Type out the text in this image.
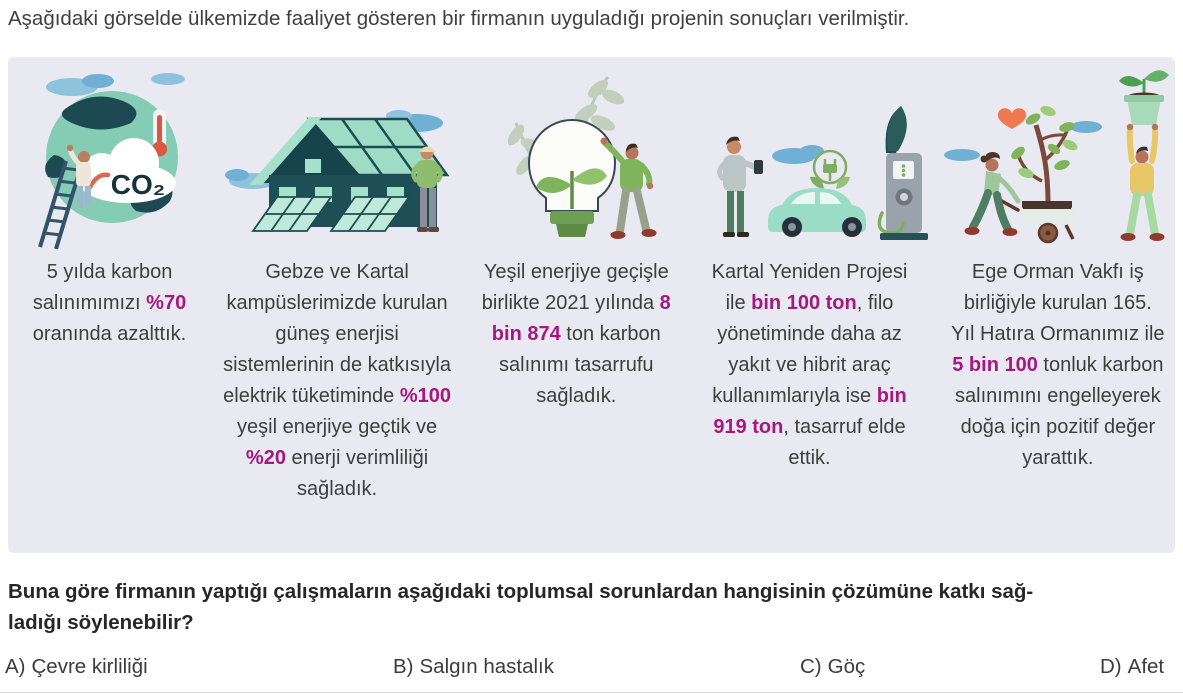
Aşağıdaki görselde ülkemizde faaliyet gösteren bir firmanın uyguladığı projenin sonuçları verilmiştir.
CO₂
5 yılda karbon salınımımızı %70 oranında azalttık.
Gebze ve Kartal kampüslerimizde kurulan güneş enerjisi sistemlerinin de katkısıyla elektrik tüketiminde %100 yeşil enerjiye geçtik ve %20 enerji verimliliği sağladık.
Yeşil enerjiye geçişle birlikte 2021 yılında 8 bin 874 ton karbon salınımı tasarrufu sağladık.
Kartal Yeniden Projesi ile bin 100 ton, filo yönetiminde daha az yakıt ve hibrit araç kullanımlarıyla ise bin 919 ton, tasarruf elde ettik.
Ege Orman Vakfı iş birliğiyle kurulan 165. Yıl Hatıra Ormanımız ile 5 bin 100 tonluk karbon salınımını engelleyerek doğa için pozitif değer yarattık.
Buna göre firmanın yaptığı çalışmaların aşağıdaki toplumsal sorunlardan hangisinin çözümüne katkı sağ-
ladığı söylenebilir?
A) Çevre kirliliği	B) Salgın hastalık	C) Göç	D) Afet
